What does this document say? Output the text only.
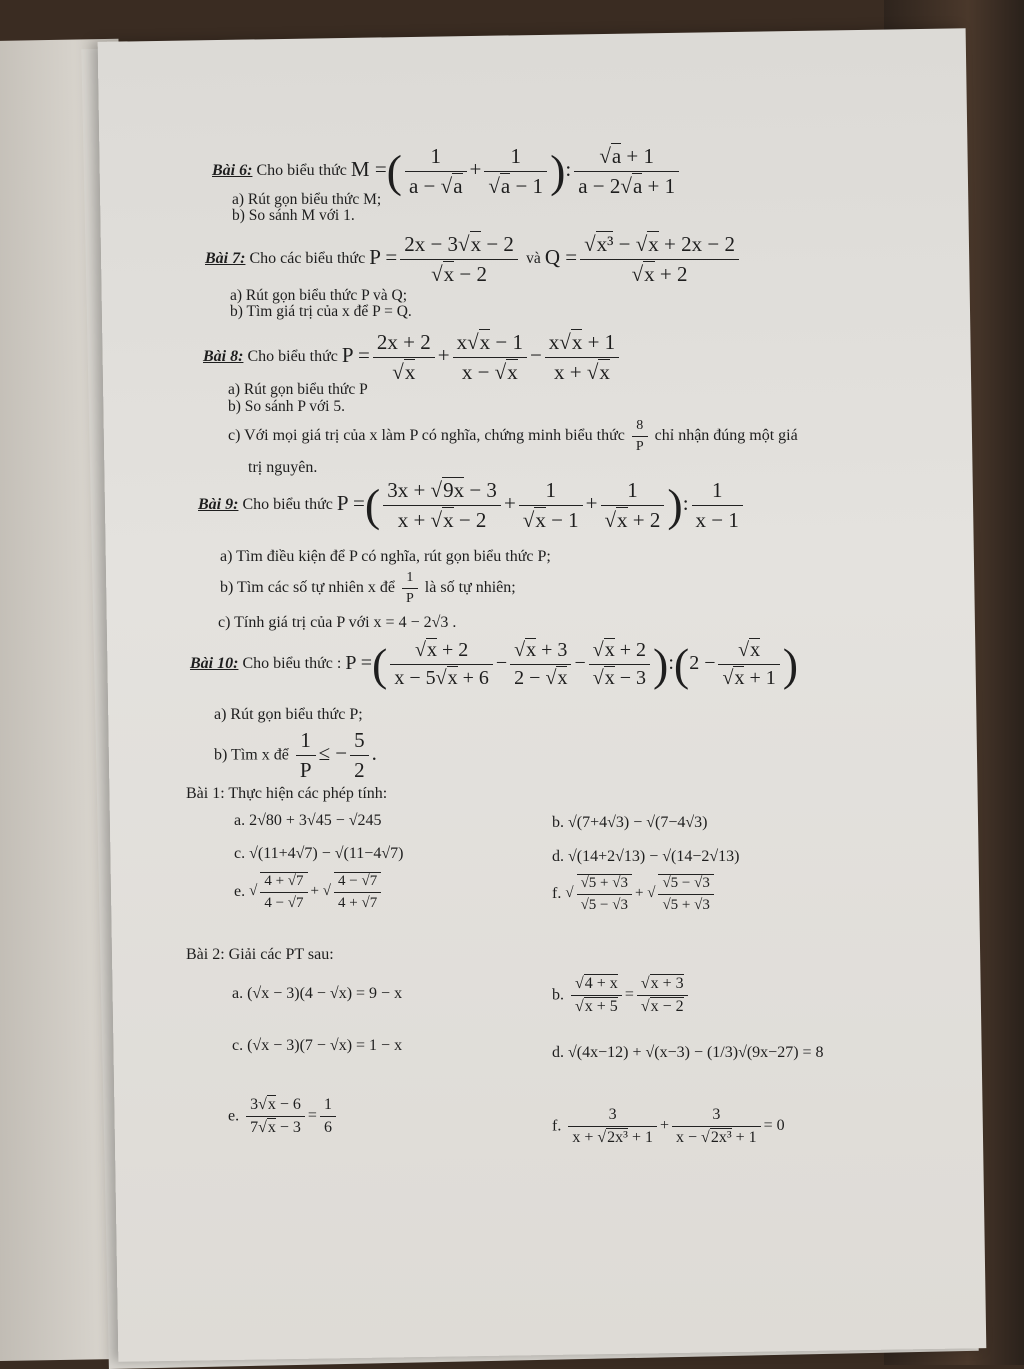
Bài 6: Cho biểu thức M =( $\frac{1}{a - √a} + \frac{1}{√a - 1}$ ): $\frac{√a + 1}{a - 2√a + 1}$
a) Rút gọn biểu thức M;
b) So sánh M với 1.
Bài 7: Cho các biểu thức $P = \frac{2x - 3√x - 2}{√x - 2}$ và $Q = \frac{\text{√x³ − √x + 2x − 2}}{√x + 2}$
a) Rút gọn biểu thức P và Q;
b) Tìm giá trị của x để P = Q.
Bài 8: Cho biểu thức $P = \frac{2x + 2}{√x} + \frac{x√x - 1}{x - √x} - \frac{x√x + 1}{x + √x}$
a) Rút gọn biểu thức P
b) So sánh P với 5.
c) Với mọi giá trị của x làm P có nghĩa, chứng minh biểu thức $\frac{8}{P}$ chỉ nhận đúng một giá
trị nguyên.
Bài 9: Cho biểu thức P =( $\frac{3x + √9x - 3}{x + √x - 2} + \frac{1}{√x - 1} + \frac{1}{√x + 2}$ ): $\frac{1}{x - 1}$
a) Tìm điều kiện để P có nghĩa, rút gọn biểu thức P;
b) Tìm các số tự nhiên x để $\frac{1}{P}$ là số tự nhiên;
c) Tính giá trị của P với x = 4 − 2√3 .
Bài 10: Cho biểu thức : P =( $\frac{√x + 2}{x - 5√x + 6} - \frac{√x + 3}{2 - √x} - \frac{√x + 2}{√x - 3}$ ):(2 − $\frac{√x}{√x + 1}$ )
a) Rút gọn biểu thức P;
b) Tìm x để $\frac{1}{P}$ ≤ − $\frac{5}{2}$ .
Bài 1: Thực hiện các phép tính:
a. 2√80 + 3√45 − √245	b. √(7+4√3) − √(7−4√3)
c. √(11+4√7) − √(11−4√7)	d. √(14+2√13) − √(14−2√13)
e. √ $\frac{4 + √7}{4 - √7}$ + √ $\frac{4 - √7}{4 + √7}$	f. √ $\frac{√5 + √3}{√5 - √3}$ + √ $\frac{√5 - √3}{√5 + √3}$
Bài 2: Giải các PT sau:
a. (√x − 3)(4 − √x) = 9 − x	b. $\frac{√4 + x}{√x + 5} = \frac{√x + 3}{√x - 2}$
c. (√x − 3)(7 − √x) = 1 − x	d. √(4x−12) + √(x−3) − (1/3)√(9x−27) = 8
e. $\frac{3√x - 6}{7√x - 3} = \frac{1}{6}$	f. $\frac{3}{\text{x + √2x³ + 1}} + \frac{3}{\text{x − √2x³ + 1}} = 0$
